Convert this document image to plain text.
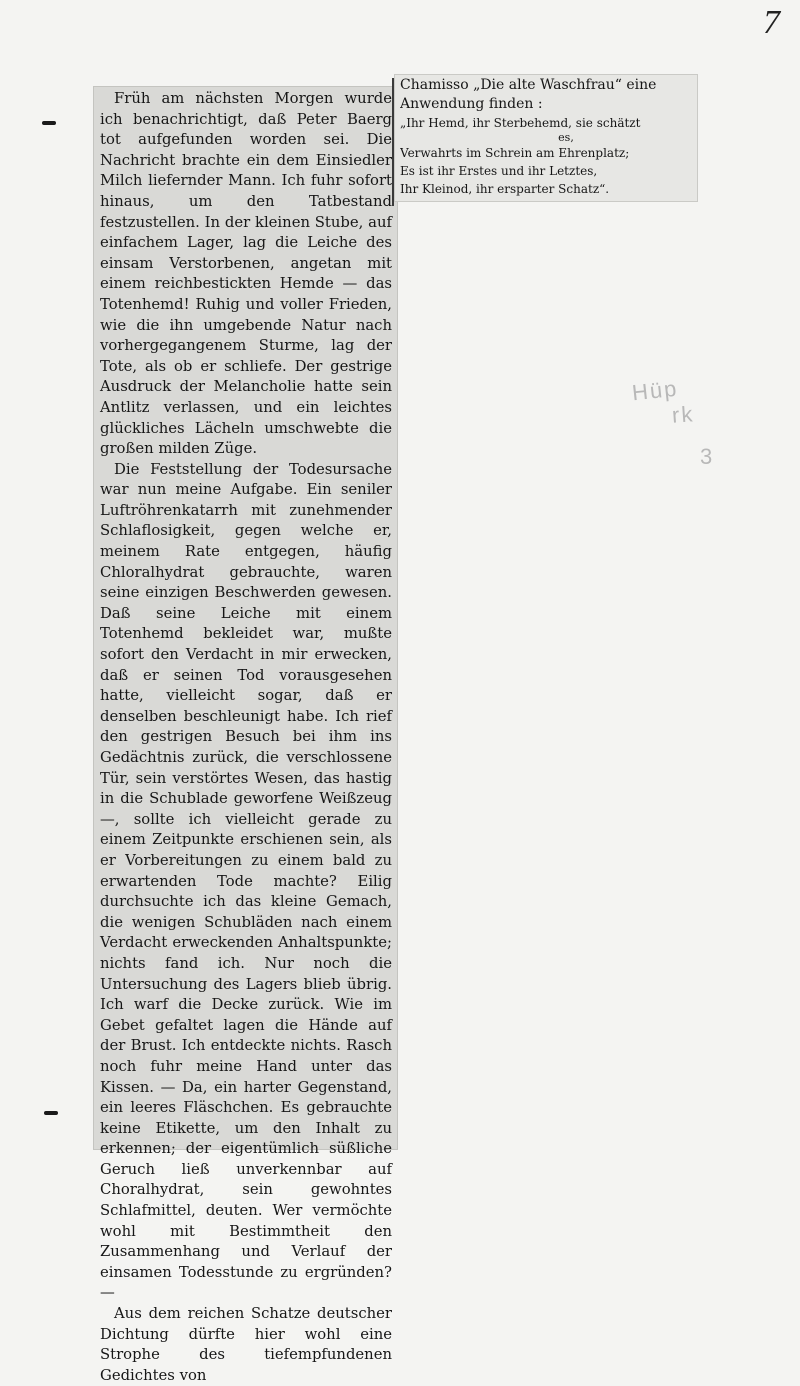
7

Früh am nächsten Morgen wurde ich benachrichtigt, daß Peter Baerg tot aufgefunden worden sei. Die Nachricht brachte ein dem Einsiedler Milch liefernder Mann. Ich fuhr sofort hinaus, um den Tatbestand festzustellen. In der kleinen Stube, auf einfachem Lager, lag die Leiche des einsam Verstorbenen, angetan mit einem reichbestickten Hemde — das Totenhemd! Ruhig und voller Frieden, wie die ihn umgebende Natur nach vorhergegangenem Sturme, lag der Tote, als ob er schliefe. Der gestrige Ausdruck der Melancholie hatte sein Antlitz verlassen, und ein leichtes glückliches Lächeln umschwebte die großen milden Züge.

Die Feststellung der Todesursache war nun meine Aufgabe. Ein seniler Luftröhrenkatarrh mit zunehmender Schlaflosigkeit, gegen welche er, meinem Rate entgegen, häufig Chloralhydrat gebrauchte, waren seine einzigen Beschwerden gewesen. Daß seine Leiche mit einem Totenhemd bekleidet war, mußte sofort den Verdacht in mir erwecken, daß er seinen Tod vorausgesehen hatte, vielleicht sogar, daß er denselben beschleunigt habe. Ich rief den gestrigen Besuch bei ihm ins Gedächtnis zurück, die verschlossene Tür, sein verstörtes Wesen, das hastig in die Schublade geworfene Weißzeug —, sollte ich vielleicht gerade zu einem Zeitpunkte erschienen sein, als er Vorbereitungen zu einem bald zu erwartenden Tode machte? Eilig durchsuchte ich das kleine Gemach, die wenigen Schubläden nach einem Verdacht erweckenden Anhaltspunkte; nichts fand ich. Nur noch die Untersuchung des Lagers blieb übrig. Ich warf die Decke zurück. Wie im Gebet gefaltet lagen die Hände auf der Brust. Ich entdeckte nichts. Rasch noch fuhr meine Hand unter das Kissen. — Da, ein harter Gegenstand, ein leeres Fläschchen. Es gebrauchte keine Etikette, um den Inhalt zu erkennen; der eigentümlich süßliche Geruch ließ unverkennbar auf Choralhydrat, sein gewohntes Schlafmittel, deuten. Wer vermöchte wohl mit Bestimmtheit den Zusammenhang und Verlauf der einsamen Todesstunde zu ergründen? —

Aus dem reichen Schatze deutscher Dichtung dürfte hier wohl eine Strophe des tiefempfundenen Gedichtes von

Chamisso „Die alte Waschfrau“ eine
Anwendung finden :
„Ihr Hemd, ihr Sterbehemd, sie schätzt
es,
Verwahrts im Schrein am Ehrenplatz;
Es ist ihr Erstes und ihr Letztes,
Ihr Kleinod, ihr ersparter Schatz“.
Hüp
rk
3
